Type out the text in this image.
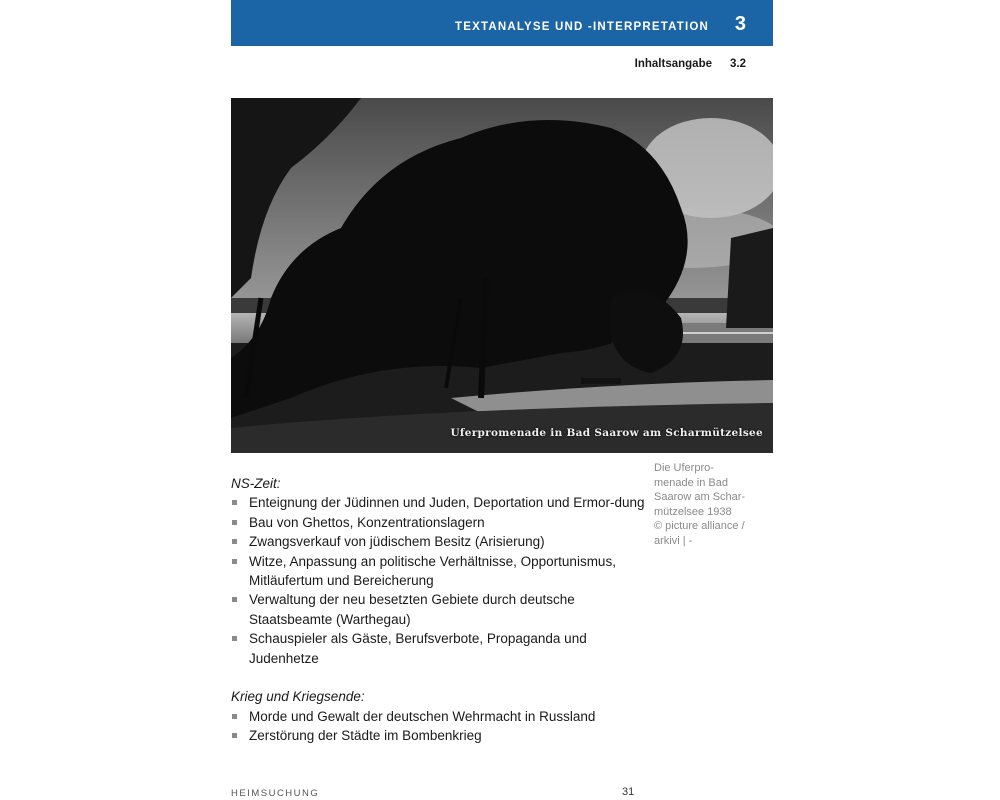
TEXTANALYSE UND -INTERPRETATION 3
Inhaltsangabe 3.2
Uferpromenade in Bad Saarow am Scharmützelsee
Die Uferpro-
menade in Bad
Saarow am Schar-
mützelsee 1938
© picture alliance /
arkivi | -

NS-Zeit:

Enteignung der Jüdinnen und Juden, Deportation und Ermor-dung
Bau von Ghettos, Konzentrationslagern
Zwangsverkauf von jüdischem Besitz (Arisierung)
Witze, Anpassung an politische Verhältnisse, Opportunismus, Mitläufertum und Bereicherung
Verwaltung der neu besetzten Gebiete durch deutsche Staatsbeamte (Warthegau)
Schauspieler als Gäste, Berufsverbote, Propaganda und Judenhetze

Krieg und Kriegsende:

Morde und Gewalt der deutschen Wehrmacht in Russland
Zerstörung der Städte im Bombenkrieg
HEIMSUCHUNG	31
